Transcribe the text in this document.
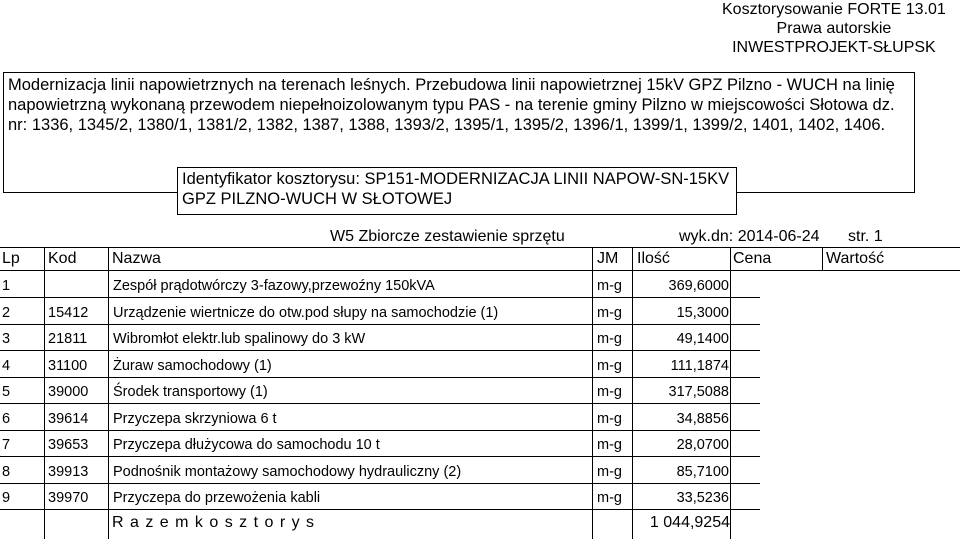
Kosztorysowanie FORTE 13.01
Prawa autorskie
INWESTPROJEKT-SŁUPSK
Modernizacja linii napowietrznych na terenach leśnych. Przebudowa linii napowietrznej 15kV GPZ Pilzno - WUCH na linię napowietrzną wykonaną przewodem niepełnoizolowanym typu PAS - na terenie gminy Pilzno w miejscowości Słotowa dz. nr: 1336, 1345/2, 1380/1, 1381/2, 1382, 1387, 1388, 1393/2, 1395/1, 1395/2, 1396/1, 1399/1, 1399/2, 1401, 1402, 1406.
Identyfikator kosztorysu: SP151-MODERNIZACJA LINII NAPOW-SN-15KV GPZ PILZNO-WUCH W SŁOTOWEJ
W5 Zbiorcze zestawienie sprzętu	wyk.dn: 2014-06-24 str. 1
Lp Kod Nazwa	JM Ilość	Cena	Wartość
1	Zespół prądotwórczy 3-fazowy,przewoźny 150kVA	m-g	369,6000
2	15412 Urządzenie wiertnicze do otw.pod słupy na samochodzie (1)	m-g	15,3000
3	21811 Wibromłot elektr.lub spalinowy do 3 kW	m-g	49,1400
4	31100 Żuraw samochodowy (1)	m-g	111,1874
5	39000 Środek transportowy (1)	m-g	317,5088
6	39614 Przyczepa skrzyniowa 6 t	m-g	34,8856
7	39653 Przyczepa dłużycowa do samochodu 10 t	m-g	28,0700
8	39913 Podnośnik montażowy samochodowy hydrauliczny (2)	m-g	85,7100
9	39970 Przyczepa do przewożenia kabli	m-g	33,5236
R a z e m k o s z t o r y s	1 044,9254
